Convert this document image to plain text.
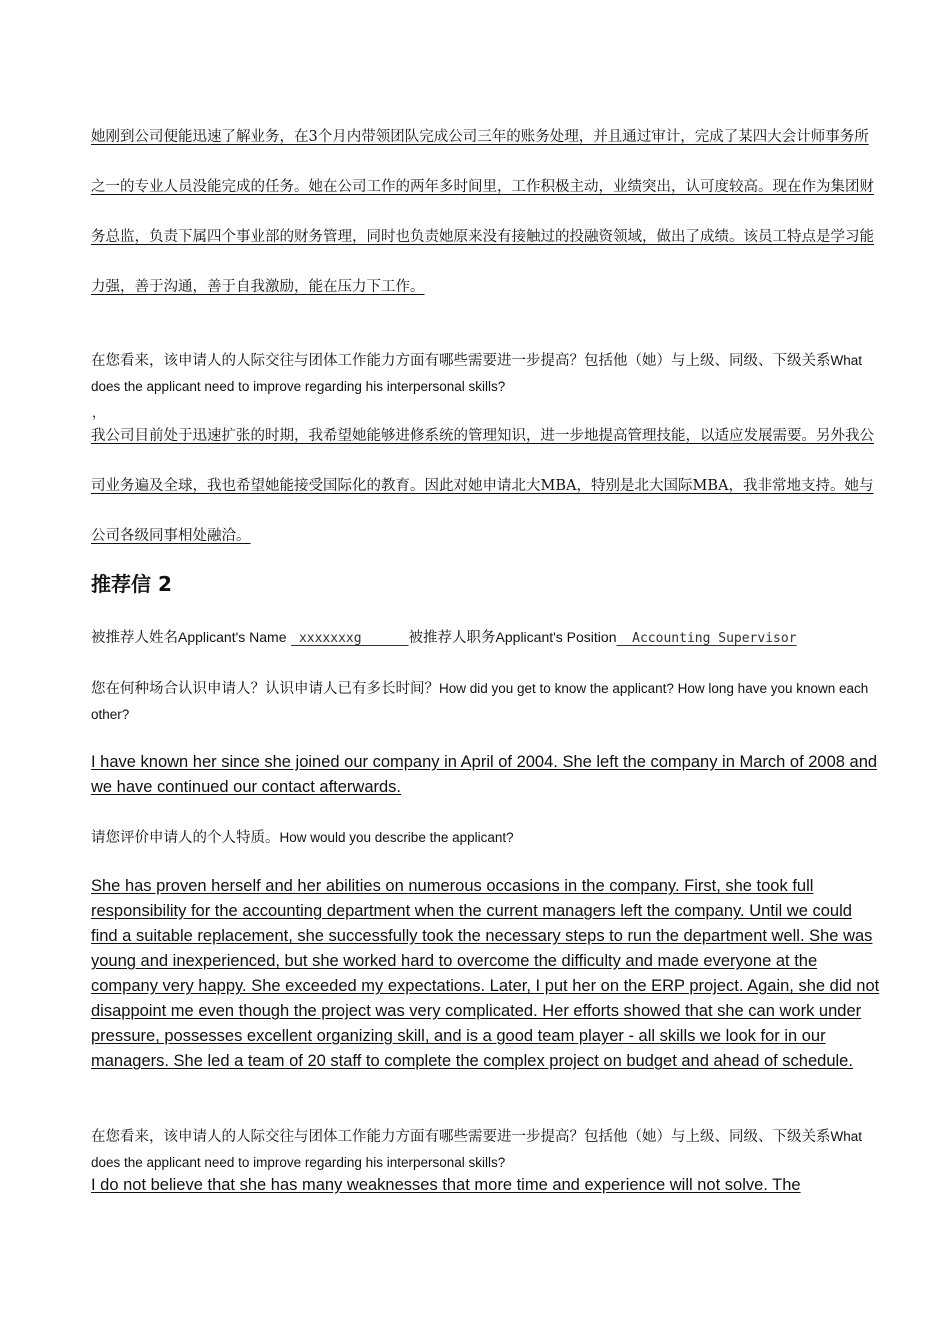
她刚到公司便能迅速了解业务，在3个月内带领团队完成公司三年的账务处理，并且通过审计，完成了某四大会计师事务所之一的专业人员没能完成的任务。她在公司工作的两年多时间里，工作积极主动，业绩突出，认可度较高。现在作为集团财务总监，负责下属四个事业部的财务管理，同时也负责她原来没有接触过的投融资领域，做出了成绩。该员工特点是学习能力强，善于沟通，善于自我激励，能在压力下工作。
在您看来，该申请人的人际交往与团体工作能力方面有哪些需要进一步提高？包括他（她）与上级、同级、下级关系What does the applicant need to improve regarding his interpersonal skills?
，
我公司目前处于迅速扩张的时期，我希望她能够进修系统的管理知识，进一步地提高管理技能，以适应发展需要。另外我公司业务遍及全球，我也希望她能接受国际化的教育。因此对她申请北大MBA，特别是北大国际MBA，我非常地支持。她与公司各级同事相处融洽。
推荐信 2
被推荐人姓名Applicant's Name xxxxxxxg	被推荐人职务Applicant's Position Accounting Supervisor
您在何种场合认识申请人？认识申请人已有多长时间？How did you get to know the applicant? How long have you known each other?
I have known her since she joined our company in April of 2004. She left the company in March of 2008 and we have continued our contact afterwards.
请您评价申请人的个人特质。How would you describe the applicant?
She has proven herself and her abilities on numerous occasions in the company. First, she took full responsibility for the accounting department when the current managers left the company. Until we could find a suitable replacement, she successfully took the necessary steps to run the department well. She was young and inexperienced, but she worked hard to overcome the difficulty and made everyone at the company very happy. She exceeded my expectations. Later, I put her on the ERP project. Again, she did not disappoint me even though the project was very complicated. Her efforts showed that she can work under pressure, possesses excellent organizing skill, and is a good team player - all skills we look for in our managers. She led a team of 20 staff to complete the complex project on budget and ahead of schedule.
在您看来，该申请人的人际交往与团体工作能力方面有哪些需要进一步提高？包括他（她）与上级、同级、下级关系What does the applicant need to improve regarding his interpersonal skills?
I do not believe that she has many weaknesses that more time and experience will not solve. The
